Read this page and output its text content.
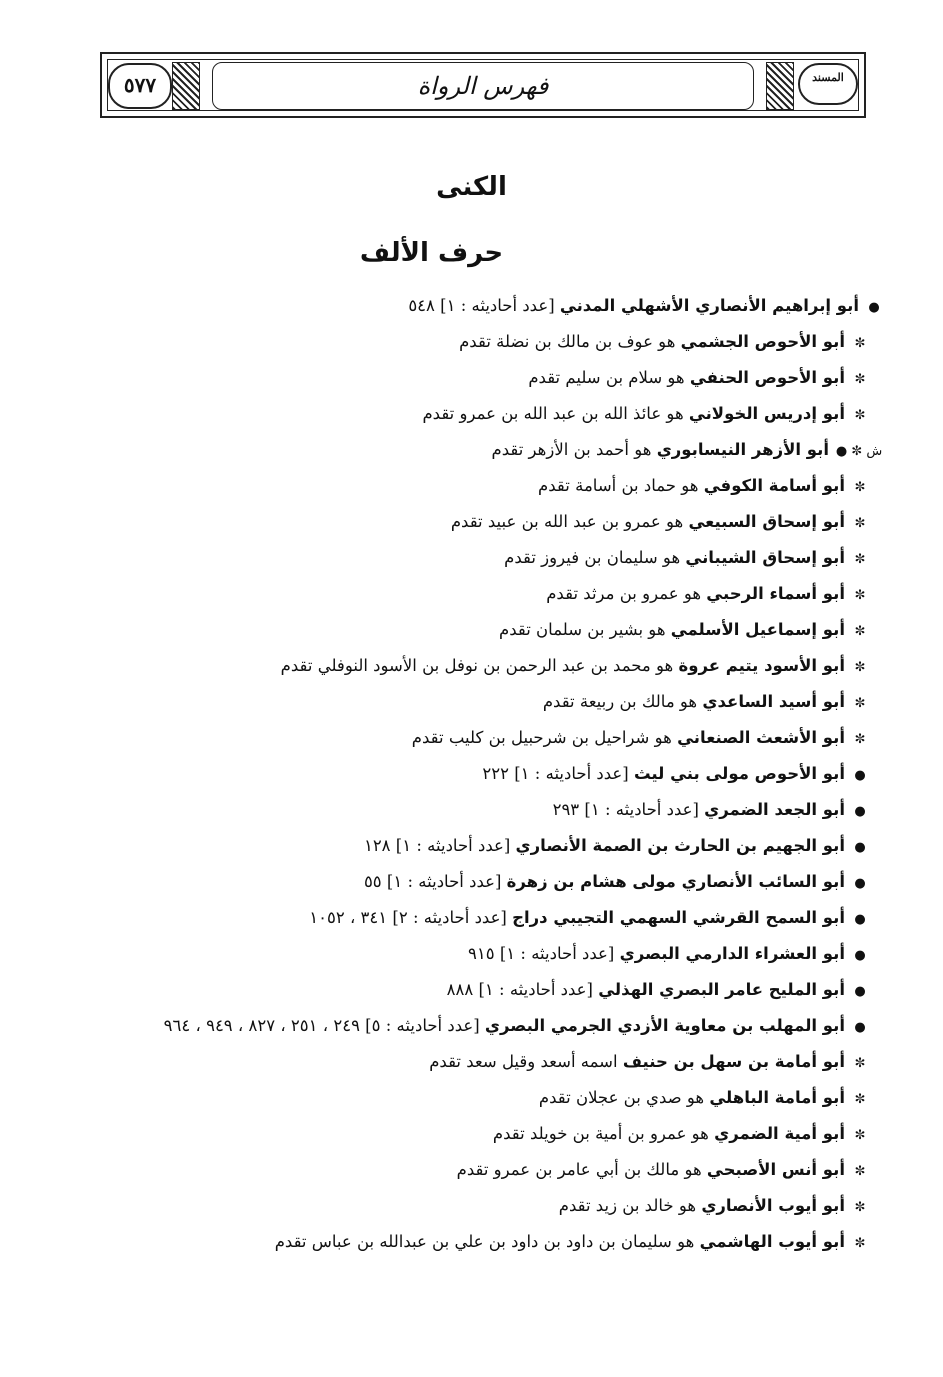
٥٧٧	فهرس الرواة	المسند
الكنى
حرف الألف
●أبو إبراهيم الأنصاري الأشهلي المدني [عدد أحاديثه : ١] ٥٤٨
✼أبو الأحوص الجشمي هو عوف بن مالك بن نضلة تقدم
✼أبو الأحوص الحنفي هو سلام بن سليم تقدم
✼أبو إدريس الخولاني هو عائذ الله بن عبد الله بن عمرو تقدم
ش ✼ ●أبو الأزهر النيسابوري هو أحمد بن الأزهر تقدم
✼أبو أسامة الكوفي هو حماد بن أسامة تقدم
✼أبو إسحاق السبيعي هو عمرو بن عبد الله بن عبيد تقدم
✼أبو إسحاق الشيباني هو سليمان بن فيروز تقدم
✼أبو أسماء الرحبي هو عمرو بن مرثد تقدم
✼أبو إسماعيل الأسلمي هو بشير بن سلمان تقدم
✼أبو الأسود يتيم عروة هو محمد بن عبد الرحمن بن نوفل بن الأسود النوفلي تقدم
✼أبو أسيد الساعدي هو مالك بن ربيعة تقدم
✼أبو الأشعث الصنعاني هو شراحيل بن شرحبيل بن كليب تقدم
●أبو الأحوص مولى بني ليث [عدد أحاديثه : ١] ٢٢٢
●أبو الجعد الضمري [عدد أحاديثه : ١] ٢٩٣
●أبو الجهيم بن الحارث بن الصمة الأنصاري [عدد أحاديثه : ١] ١٢٨
●أبو السائب الأنصاري مولى هشام بن زهرة [عدد أحاديثه : ١] ٥٥
●أبو السمح القرشي السهمي التجيبي دراج [عدد أحاديثه : ٢] ٣٤١ ، ١٠٥٢
●أبو العشراء الدارمي البصري [عدد أحاديثه : ١] ٩١٥
●أبو المليح عامر البصري الهذلي [عدد أحاديثه : ١] ٨٨٨
●أبو المهلب بن معاوية الأزدي الجرمي البصري [عدد أحاديثه : ٥] ٢٤٩ ، ٢٥١ ، ٨٢٧ ، ٩٤٩ ، ٩٦٤
✼أبو أمامة بن سهل بن حنيف اسمه أسعد وقيل سعد تقدم
✼أبو أمامة الباهلي هو صدي بن عجلان تقدم
✼أبو أمية الضمري هو عمرو بن أمية بن خويلد تقدم
✼أبو أنس الأصبحي هو مالك بن أبي عامر بن عمرو تقدم
✼أبو أيوب الأنصاري هو خالد بن زيد تقدم
✼أبو أيوب الهاشمي هو سليمان بن داود بن داود بن علي بن عبدالله بن عباس تقدم
